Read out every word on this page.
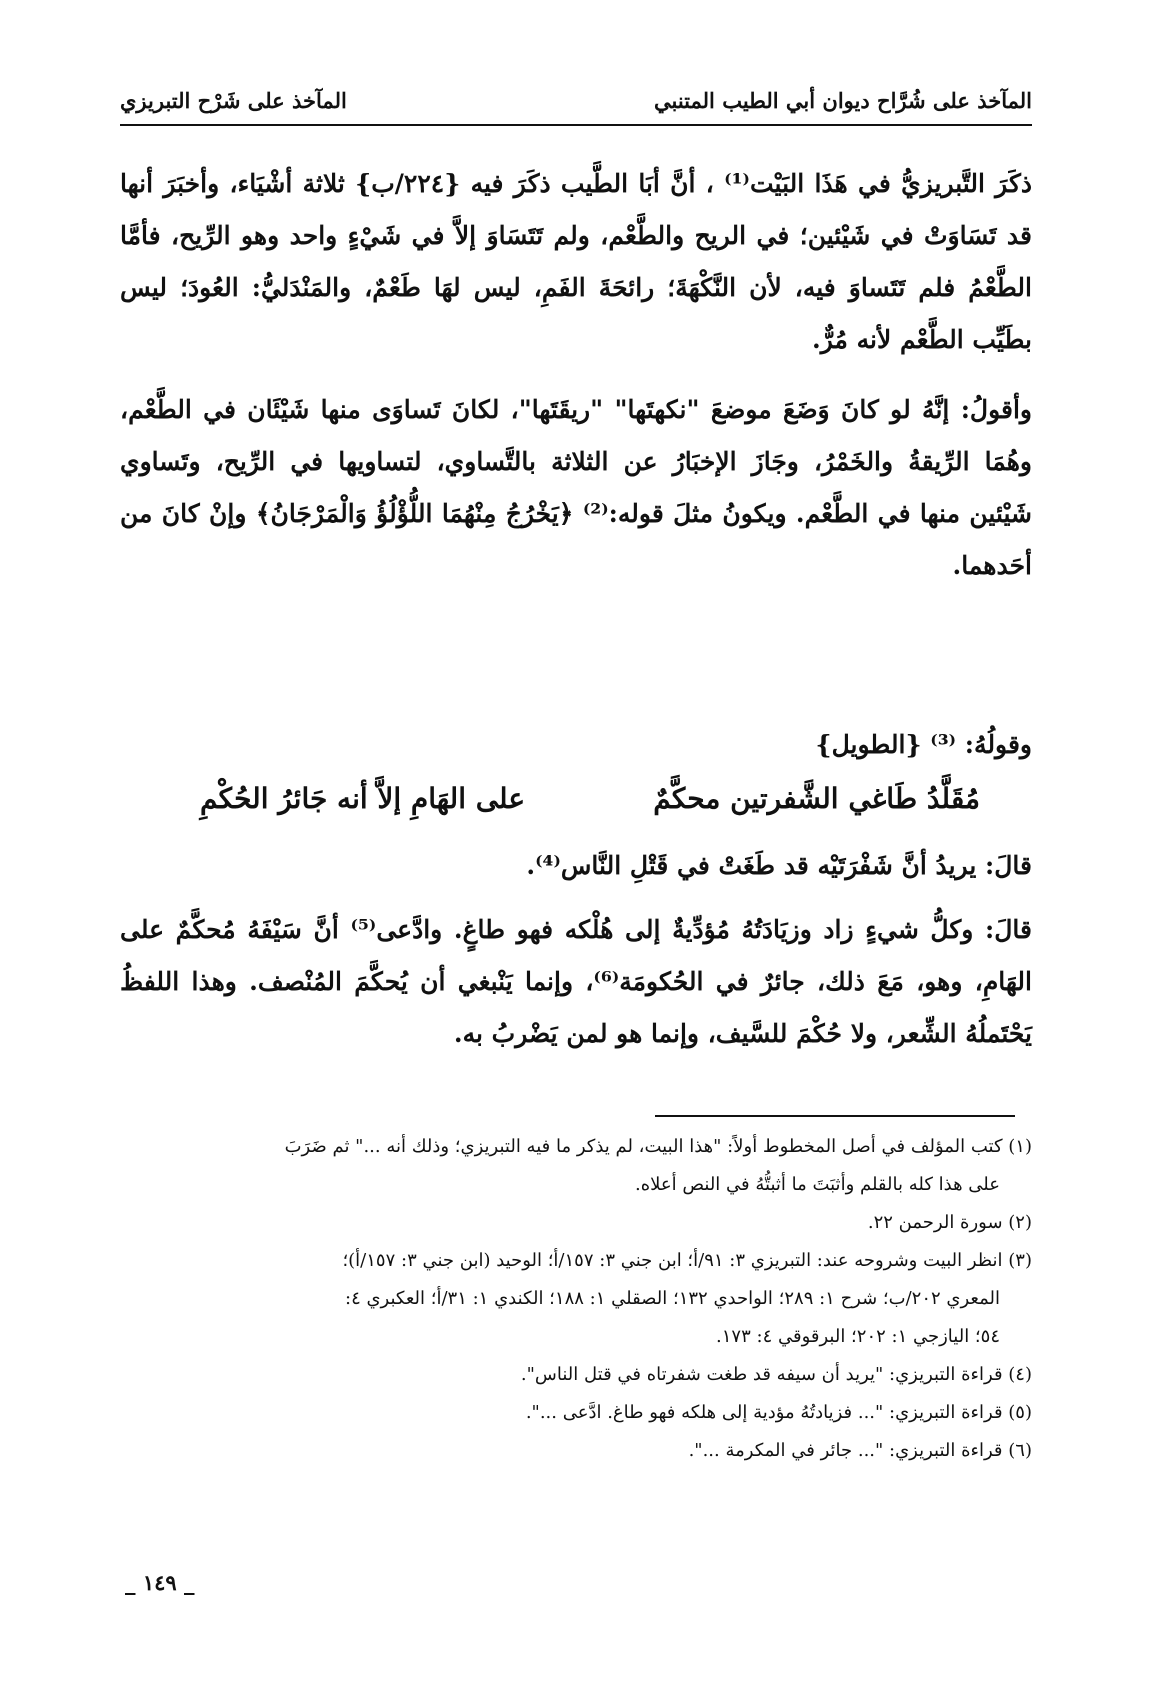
المآخذ على شُرَّاح ديوان أبي الطيب المتنبي
المآخذ على شَرْح التبريزي

ذكَرَ التَّبريزيُّ في هَذَا البَيْت⁽¹⁾ ، أنَّ أبَا الطَّيب ذكَرَ فيه {٢٢٤/ب} ثلاثة أشْيَاء، وأخبَرَ أنها قد تَسَاوَتْ في شَيْئين؛ في الريح والطَّعْم، ولم تَتَسَاوَ إلاَّ في شَيْءٍ واحد وهو الرِّيح، فأمَّا الطَّعْمُ فلم تَتَساوَ فيه، لأن النَّكْهَةَ؛ رائحَةَ الفَمِ، ليس لهَا طَعْمٌ، والمَنْدَليُّ: العُودَ؛ ليس بطَيِّب الطَّعْم لأنه مُرٌّ.

وأقولُ: إنَّهُ لو كانَ وَضَعَ موضعَ "نكهتَها" "ريقَتَها"، لكانَ تَساوَى منها شَيْئَان في الطَّعْم، وهُمَا الرِّيقةُ والخَمْرُ، وجَازَ الإخبَارُ عن الثلاثة بالتَّساوي، لتساويها في الرِّيح، وتَساوي شَيْئين منها في الطَّعْم. ويكونُ مثلَ قوله:⁽²⁾ ﴿يَخْرُجُ مِنْهُمَا اللُّؤْلُؤُ وَالْمَرْجَانُ﴾ وإنْ كانَ من أحَدهما.

وقولُهُ: ⁽³⁾ {الطويل}
مُقَلَّدُ طَاغي الشَّفرتين محكَّمٌ
على الهَامِ إلاَّ أنه جَائرُ الحُكْمِ

قالَ: يريدُ أنَّ شَفْرَتَيْه قد طَغَتْ في قَتْلِ النَّاس⁽⁴⁾.

قالَ: وكلُّ شيءٍ زاد وزيَادَتُهُ مُؤدِّيةٌ إلى هُلْكه فهو طاغٍ. وادَّعى⁽⁵⁾ أنَّ سَيْفَهُ مُحكَّمٌ على الهَامِ، وهو، مَعَ ذلك، جائرٌ في الحُكومَة⁽⁶⁾، وإنما يَنْبغي أن يُحكَّمَ المُنْصف. وهذا اللفظُ يَحْتَملُهُ الشِّعر، ولا حُكْمَ للسَّيف، وإنما هو لمن يَضْربُ به.

(١) كتب المؤلف في أصل المخطوط أولاً: "هذا البيت، لم يذكر ما فيه التبريزي؛ وذلك أنه ..." ثم ضَرَبَ

على هذا كله بالقلم وأثبَتَ ما أثبتُّهُ في النص أعلاه.

(٢) سورة الرحمن ٢٢.

(٣) انظر البيت وشروحه عند: التبريزي ٣: ٩١/أ؛ ابن جني ٣: ١٥٧/أ؛ الوحيد (ابن جني ٣: ١٥٧/أ)؛

المعري ٢٠٢/ب؛ شرح ١: ٢٨٩؛ الواحدي ١٣٢؛ الصقلي ١: ١٨٨؛ الكندي ١: ٣١/أ؛ العكبري ٤:

٥٤؛ اليازجي ١: ٢٠٢؛ البرقوقي ٤: ١٧٣.

(٤) قراءة التبريزي: "يريد أن سيفه قد طغت شفرتاه في قتل الناس".

(٥) قراءة التبريزي: "... فزيادتُهُ مؤدية إلى هلكه فهو طاغ. ادَّعى ...".

(٦) قراءة التبريزي: "... جائر في المكرمة ...".

_ ١٤٩ _
